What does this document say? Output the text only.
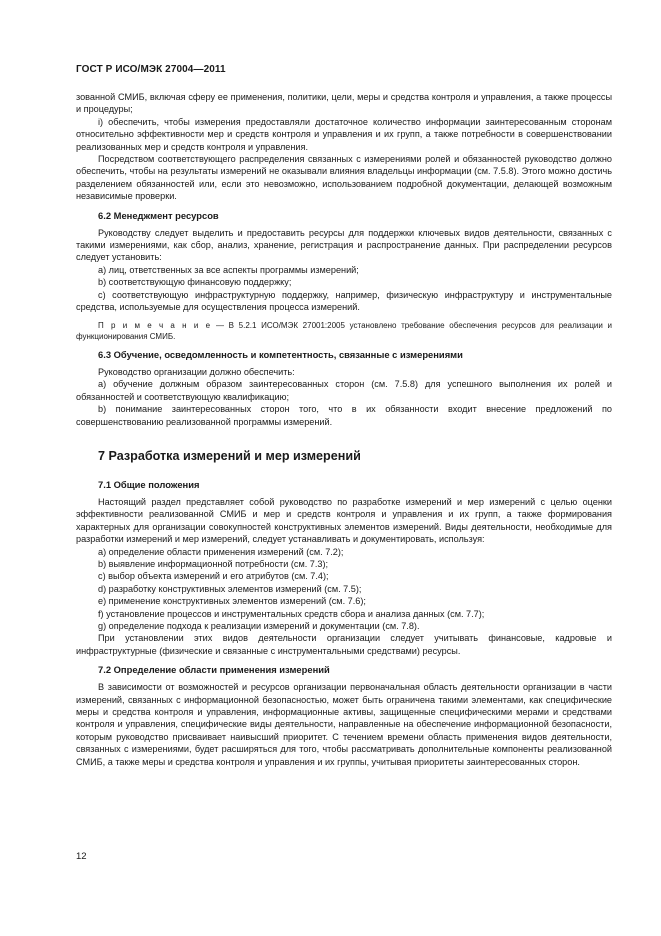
ГОСТ Р ИСО/МЭК 27004—2011

зованной СМИБ, включая сферу ее применения, политики, цели, меры и средства контроля и управления, а также процессы и процедуры;

i) обеспечить, чтобы измерения предоставляли достаточное количество информации заинтересованным сторонам относительно эффективности мер и средств контроля и управления и их групп, а также потребности в совершенствовании реализованных мер и средств контроля и управления.

Посредством соответствующего распределения связанных с измерениями ролей и обязанностей руководство должно обеспечить, чтобы на результаты измерений не оказывали влияния владельцы информации (см. 7.5.8). Этого можно достичь разделением обязанностей или, если это невозможно, использованием подробной документации, делающей возможным независимые проверки.

6.2 Менеджмент ресурсов

Руководству следует выделить и предоставить ресурсы для поддержки ключевых видов деятельности, связанных с такими измерениями, как сбор, анализ, хранение, регистрация и распространение данных. При распределении ресурсов следует установить:

a) лиц, ответственных за все аспекты программы измерений;

b) соответствующую финансовую поддержку;

c) соответствующую инфраструктурную поддержку, например, физическую инфраструктуру и инструментальные средства, используемые для осуществления процесса измерений.

П р и м е ч а н и е — В 5.2.1 ИСО/МЭК 27001:2005 установлено требование обеспечения ресурсов для реализации и функционирования СМИБ.

6.3 Обучение, осведомленность и компетентность, связанные с измерениями

Руководство организации должно обеспечить:

a) обучение должным образом заинтересованных сторон (см. 7.5.8) для успешного выполнения их ролей и обязанностей и соответствующую квалификацию;

b) понимание заинтересованных сторон того, что в их обязанности входит внесение предложений по совершенствованию реализованной программы измерений.

7 Разработка измерений и мер измерений
7.1 Общие положения

Настоящий раздел представляет собой руководство по разработке измерений и мер измерений с целью оценки эффективности реализованной СМИБ и мер и средств контроля и управления и их групп, а также формирования характерных для организации совокупностей конструктивных элементов измерений. Виды деятельности, необходимые для разработки измерений и мер измерений, следует устанавливать и документировать, используя:

a) определение области применения измерений (см. 7.2);

b) выявление информационной потребности (см. 7.3);

c) выбор объекта измерений и его атрибутов (см. 7.4);

d) разработку конструктивных элементов измерений (см. 7.5);

e) применение конструктивных элементов измерений (см. 7.6);

f) установление процессов и инструментальных средств сбора и анализа данных (см. 7.7);

g) определение подхода к реализации измерений и документации (см. 7.8).

При установлении этих видов деятельности организации следует учитывать финансовые, кадровые и инфраструктурные (физические и связанные с инструментальными средствами) ресурсы.

7.2 Определение области применения измерений

В зависимости от возможностей и ресурсов организации первоначальная область деятельности организации в части измерений, связанных с информационной безопасностью, может быть ограничена такими элементами, как специфические меры и средства контроля и управления, информационные активы, защищенные специфическими мерами и средствами контроля и управления, специфические виды деятельности, направленные на обеспечение информационной безопасности, которым руководство присваивает наивысший приоритет. С течением времени область применения видов деятельности, связанных с измерениями, будет расширяться для того, чтобы рассматривать дополнительные компоненты реализованной СМИБ, а также меры и средства контроля и управления и их группы, учитывая приоритеты заинтересованных сторон.

12
